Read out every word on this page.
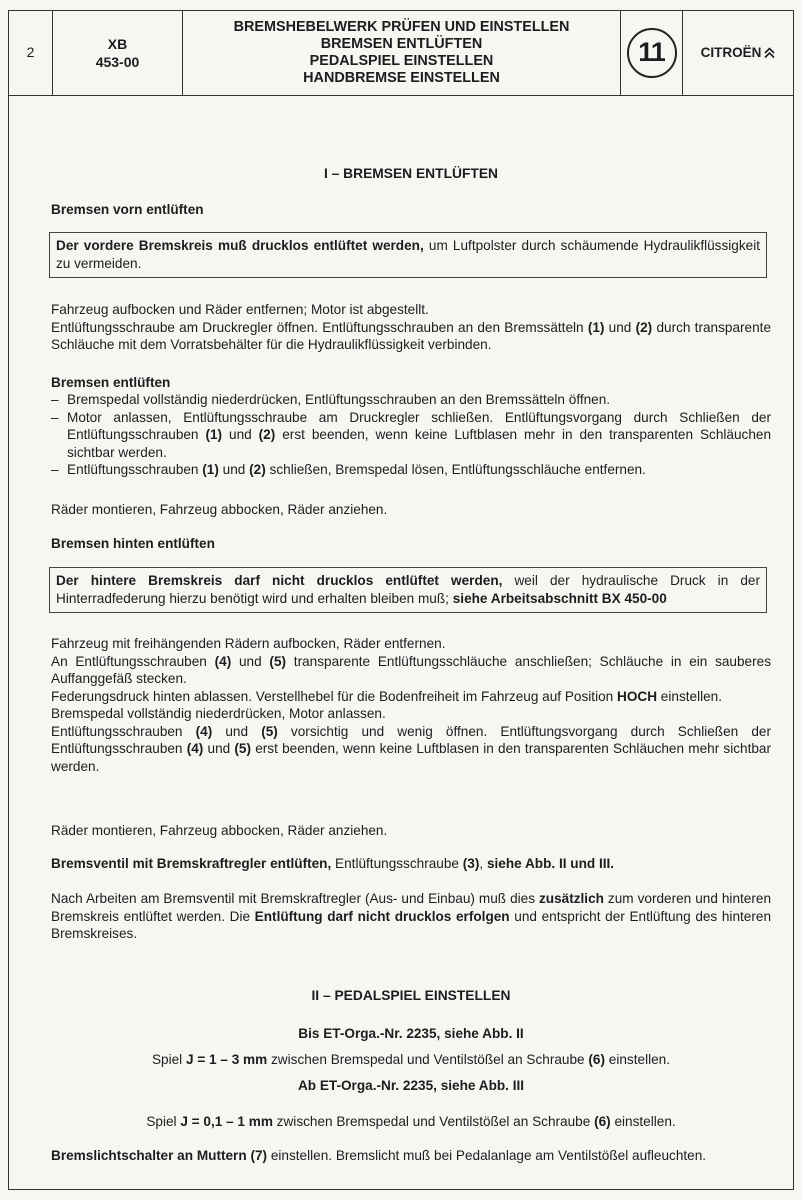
2
XB
453-00
BREMSHEBELWERK PRÜFEN UND EINSTELLEN
BREMSEN ENTLÜFTEN
PEDALSPIEL EINSTELLEN
HANDBREMSE EINSTELLEN
11	CITROËN
I – BREMSEN ENTLÜFTEN
Bremsen vorn entlüften
Der vordere Bremskreis muß drucklos entlüftet werden, um Luftpolster durch schäumende Hydraulikflüssigkeit zu vermeiden.

Fahrzeug aufbocken und Räder entfernen; Motor ist abgestellt.

Entlüftungsschraube am Druckregler öffnen. Entlüftungsschrauben an den Bremssätteln (1) und (2) durch transparente Schläuche mit dem Vorratsbehälter für die Hydraulikflüssigkeit verbinden.

Bremsen entlüften
– Bremspedal vollständig niederdrücken, Entlüftungsschrauben an den Bremssätteln öffnen.
– Motor anlassen, Entlüftungsschraube am Druckregler schließen. Entlüftungsvorgang durch Schließen der Entlüftungsschrauben (1) und (2) erst beenden, wenn keine Luftblasen mehr in den transparenten Schläuchen sichtbar werden.
– Entlüftungsschrauben (1) und (2) schließen, Bremspedal lösen, Entlüftungsschläuche entfernen.
Räder montieren, Fahrzeug abbocken, Räder anziehen.
Bremsen hinten entlüften
Der hintere Bremskreis darf nicht drucklos entlüftet werden, weil der hydraulische Druck in der Hinterradfederung hierzu benötigt wird und erhalten bleiben muß; siehe Arbeitsabschnitt BX 450-00

Fahrzeug mit freihängenden Rädern aufbocken, Räder entfernen.

An Entlüftungsschrauben (4) und (5) transparente Entlüftungsschläuche anschließen; Schläuche in ein sauberes Auffanggefäß stecken.

Federungsdruck hinten ablassen. Verstellhebel für die Bodenfreiheit im Fahrzeug auf Position HOCH einstellen.

Bremspedal vollständig niederdrücken, Motor anlassen.

Entlüftungsschrauben (4) und (5) vorsichtig und wenig öffnen. Entlüftungsvorgang durch Schließen der Entlüftungsschrauben (4) und (5) erst beenden, wenn keine Luftblasen in den transparenten Schläuchen mehr sichtbar werden.

Räder montieren, Fahrzeug abbocken, Räder anziehen.
Bremsventil mit Bremskraftregler entlüften, Entlüftungsschraube (3), siehe Abb. II und III.
Nach Arbeiten am Bremsventil mit Bremskraftregler (Aus- und Einbau) muß dies zusätzlich zum vorderen und hinteren Bremskreis entlüftet werden. Die Entlüftung darf nicht drucklos erfolgen und entspricht der Entlüftung des hinteren Bremskreises.
II – PEDALSPIEL EINSTELLEN
Bis ET-Orga.-Nr. 2235, siehe Abb. II
Spiel J = 1 – 3 mm zwischen Bremspedal und Ventilstößel an Schraube (6) einstellen.
Ab ET-Orga.-Nr. 2235, siehe Abb. III
Spiel J = 0,1 – 1 mm zwischen Bremspedal und Ventilstößel an Schraube (6) einstellen.
Bremslichtschalter an Muttern (7) einstellen. Bremslicht muß bei Pedalanlage am Ventilstößel aufleuchten.
